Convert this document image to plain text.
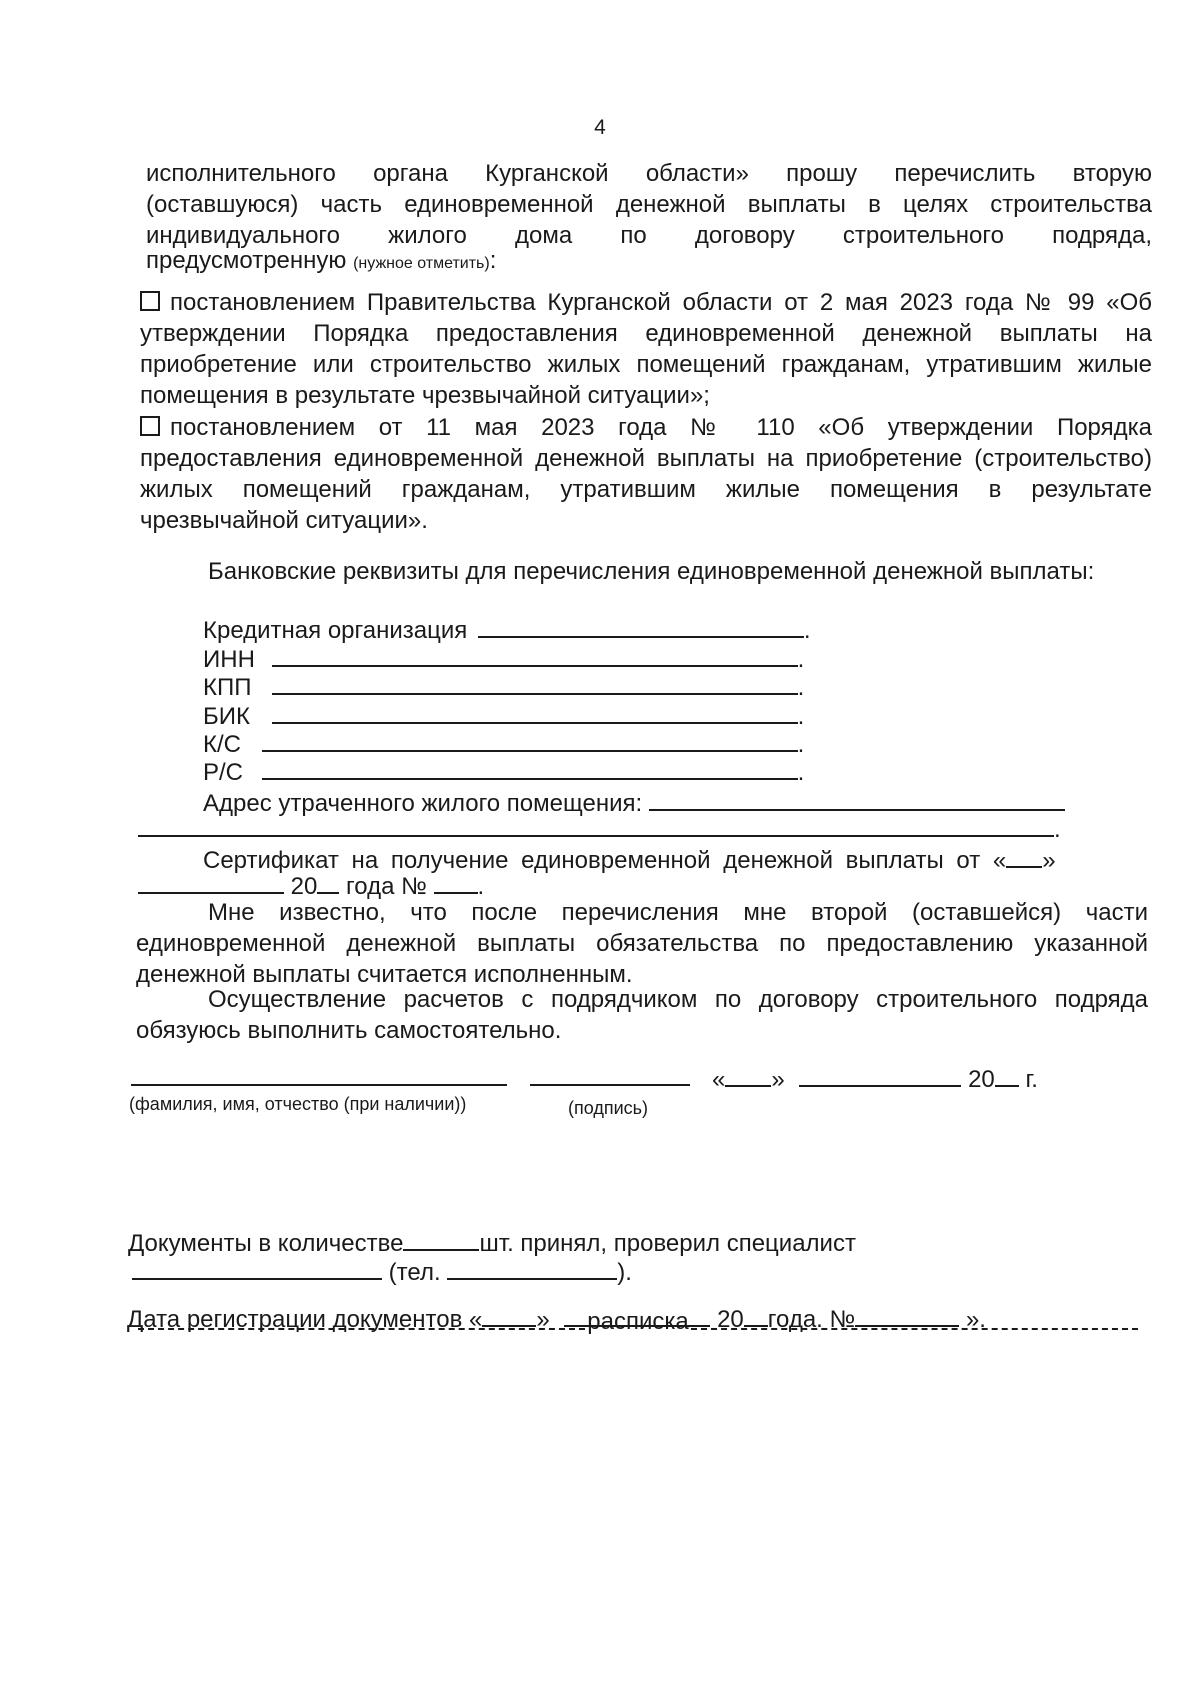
4
исполнительного органа Курганской области» прошу перечислить вторую
(оставшуюся) часть единовременной денежной выплаты в целях строительства
индивидуального жилого дома по договору строительного подряда,
предусмотренную (нужное отметить):
постановлением Правительства Курганской области от 2 мая 2023 года № 99 «Об утверждении Порядка предоставления единовременной денежной выплаты на приобретение или строительство жилых помещений гражданам, утратившим жилые помещения в результате чрезвычайной ситуации»;
постановлением от 11 мая 2023 года № 110 «Об утверждении Порядка предоставления единовременной денежной выплаты на приобретение (строительство) жилых помещений гражданам, утратившим жилые помещения в результате чрезвычайной ситуации».
Банковские реквизиты для перечисления единовременной денежной выплаты:
Кредитная организация	.
ИНН	.
КПП	.
БИК	.
К/С	.
Р/С	.
Адрес утраченного жилого помещения:
.
Сертификат на получение единовременной денежной выплаты от « »
20 года № .
Мне известно, что после перечисления мне второй (оставшейся) части единовременной денежной выплаты обязательства по предоставлению указанной денежной выплаты считается исполненным.
Осуществление расчетов с подрядчиком по договору строительного подряда обязуюсь выполнить самостоятельно.
« »	20 г.
(фамилия, имя, отчество (при наличии))	(подпись)
расписка
Документы в количестве	шт. принял, проверил специалист
(тел.	).
Дата регистрации документов « »	20 года. №	».
